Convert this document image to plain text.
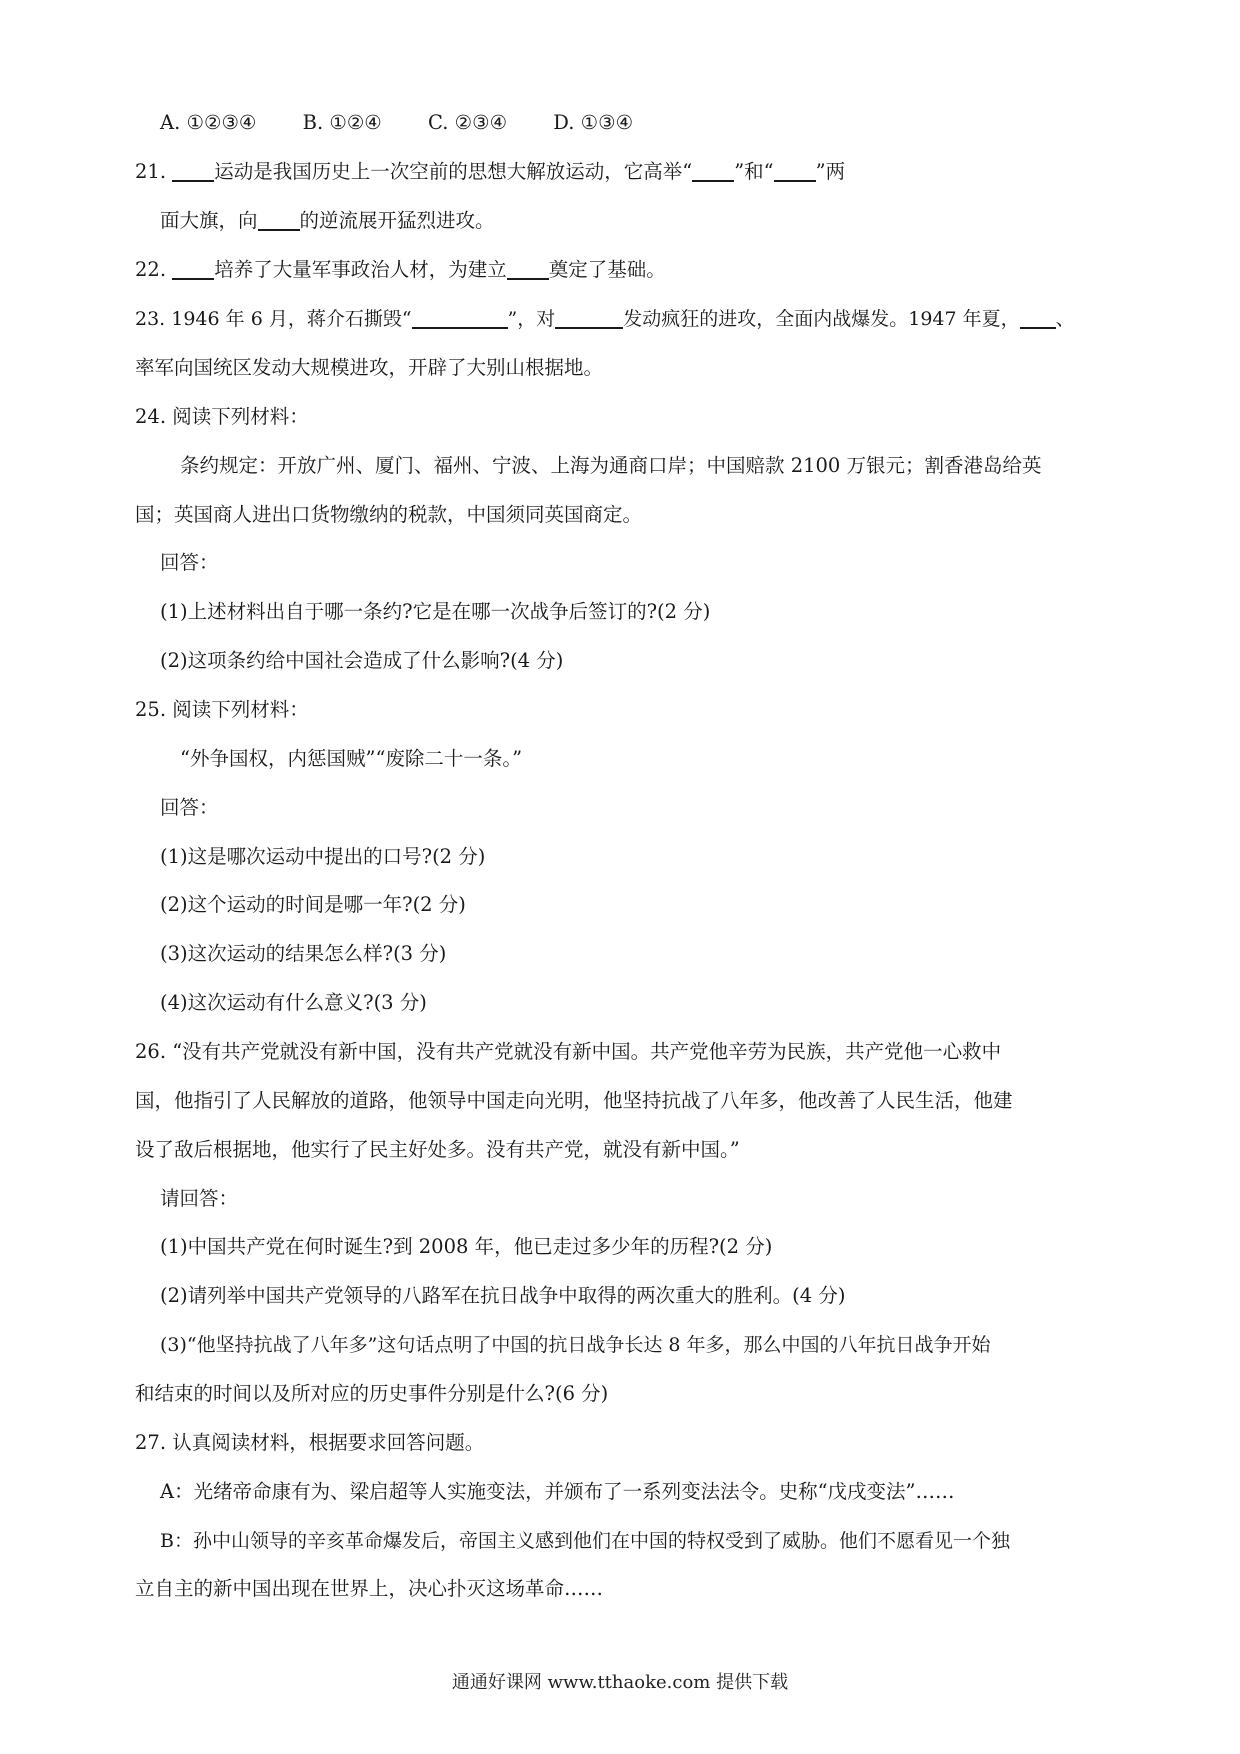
A. ①②③④ B. ①②④ C. ②③④ D. ①③④
21. 运动是我国历史上一次空前的思想大解放运动，它高举“ ”和“ ”两
面大旗，向 的逆流展开猛烈进攻。
22. 培养了大量军事政治人材，为建立 奠定了基础。
23. 1946 年 6 月，蒋介石撕毁“	”，对	发动疯狂的进攻，全面内战爆发。1947 年夏， 、
率军向国统区发动大规模进攻，开辟了大别山根据地。
24. 阅读下列材料：
条约规定：开放广州、厦门、福州、宁波、上海为通商口岸；中国赔款 2100 万银元；割香港岛给英
国；英国商人进出口货物缴纳的税款，中国须同英国商定。
回答：
(1)上述材料出自于哪一条约?它是在哪一次战争后签订的?(2 分)
(2)这项条约给中国社会造成了什么影响?(4 分)
25. 阅读下列材料：
“外争国权，内惩国贼”“废除二十一条。”
回答：
(1)这是哪次运动中提出的口号?(2 分)
(2)这个运动的时间是哪一年?(2 分)
(3)这次运动的结果怎么样?(3 分)
(4)这次运动有什么意义?(3 分)
26. “没有共产党就没有新中国，没有共产党就没有新中国。共产党他辛劳为民族，共产党他一心救中
国，他指引了人民解放的道路，他领导中国走向光明，他坚持抗战了八年多，他改善了人民生活，他建
设了敌后根据地，他实行了民主好处多。没有共产党，就没有新中国。”
请回答：
(1)中国共产党在何时诞生?到 2008 年，他已走过多少年的历程?(2 分)
(2)请列举中国共产党领导的八路军在抗日战争中取得的两次重大的胜利。(4 分)
(3)“他坚持抗战了八年多”这句话点明了中国的抗日战争长达 8 年多，那么中国的八年抗日战争开始
和结束的时间以及所对应的历史事件分别是什么?(6 分)
27. 认真阅读材料，根据要求回答问题。
A：光绪帝命康有为、梁启超等人实施变法，并颁布了一系列变法法令。史称“戊戌变法”……
B：孙中山领导的辛亥革命爆发后，帝国主义感到他们在中国的特权受到了威胁。他们不愿看见一个独
立自主的新中国出现在世界上，决心扑灭这场革命……
通通好课网 www.tthaoke.com 提供下载
